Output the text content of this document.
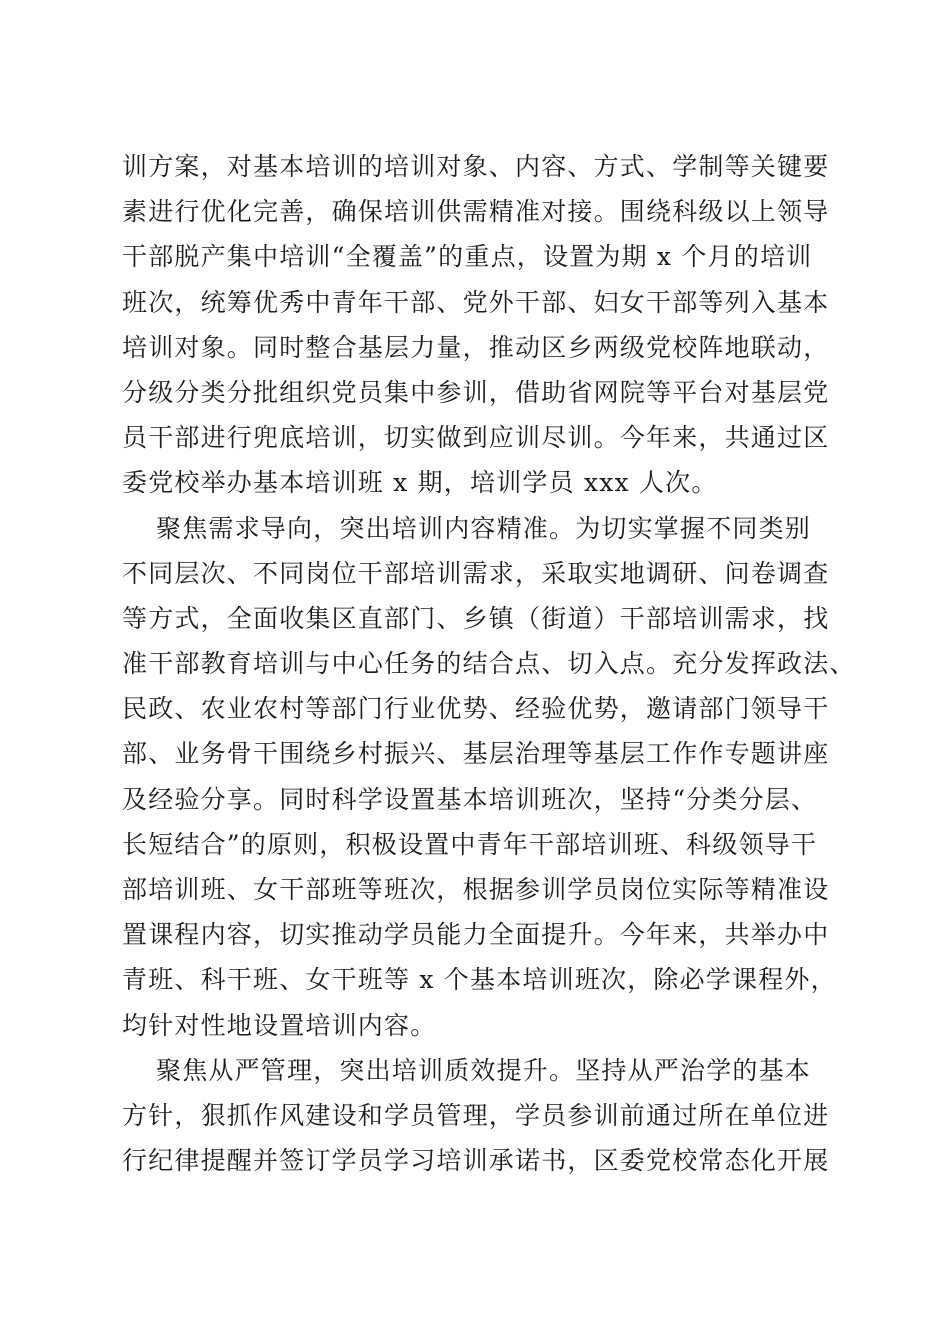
训方案，对基本培训的培训对象、内容、方式、学制等关键要
素进行优化完善，确保培训供需精准对接。围绕科级以上领导
干部脱产集中培训“全覆盖”的重点，设置为期 x 个月的培训
班次，统筹优秀中青年干部、党外干部、妇女干部等列入基本
培训对象。同时整合基层力量，推动区乡两级党校阵地联动，
分级分类分批组织党员集中参训，借助省网院等平台对基层党
员干部进行兜底培训，切实做到应训尽训。今年来，共通过区
委党校举办基本培训班 x 期，培训学员 xxx 人次。
聚焦需求导向，突出培训内容精准。为切实掌握不同类别
不同层次、不同岗位干部培训需求，采取实地调研、问卷调查
等方式，全面收集区直部门、乡镇（街道）干部培训需求，找
准干部教育培训与中心任务的结合点、切入点。充分发挥政法、
民政、农业农村等部门行业优势、经验优势，邀请部门领导干
部、业务骨干围绕乡村振兴、基层治理等基层工作作专题讲座
及经验分享。同时科学设置基本培训班次，坚持“分类分层、
长短结合”的原则，积极设置中青年干部培训班、科级领导干
部培训班、女干部班等班次，根据参训学员岗位实际等精准设
置课程内容，切实推动学员能力全面提升。今年来，共举办中
青班、科干班、女干班等 x 个基本培训班次，除必学课程外，
均针对性地设置培训内容。
聚焦从严管理，突出培训质效提升。坚持从严治学的基本
方针，狠抓作风建设和学员管理，学员参训前通过所在单位进
行纪律提醒并签订学员学习培训承诺书，区委党校常态化开展
